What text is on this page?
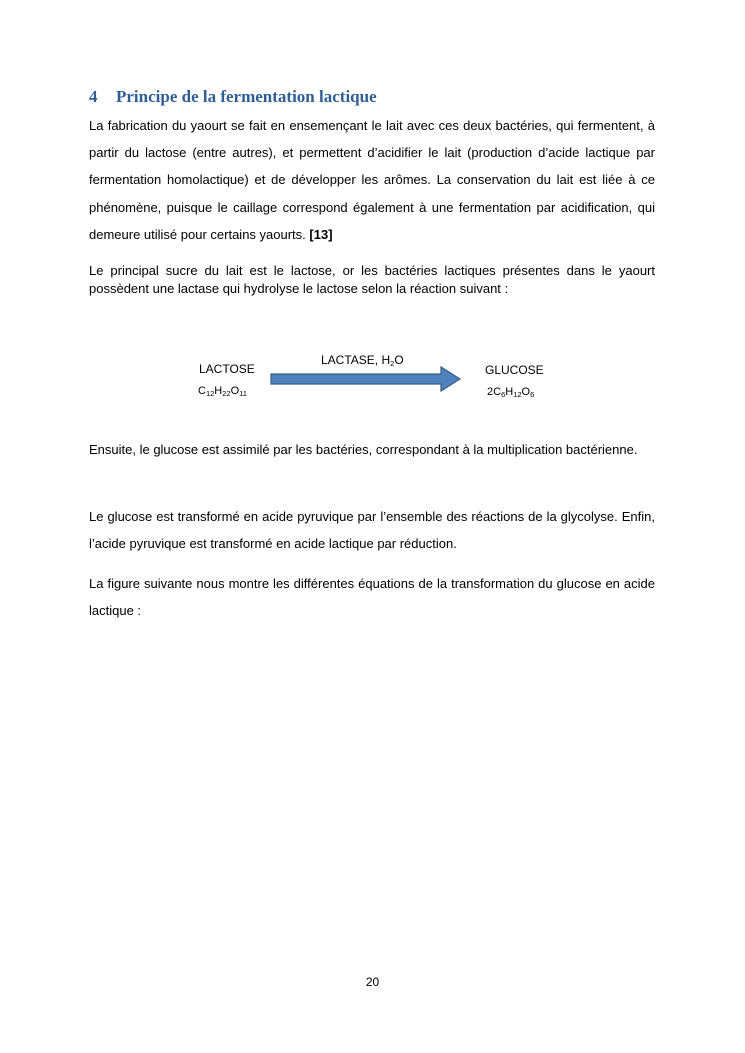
4 Principe de la fermentation lactique

La fabrication du yaourt se fait en ensemençant le lait avec ces deux bactéries, qui fermentent, à partir du lactose (entre autres), et permettent d’acidifier le lait (production d’acide lactique par fermentation homolactique) et de développer les arômes. La conservation du lait est liée à ce phénomène, puisque le caillage correspond également à une fermentation par acidification, qui demeure utilisé pour certains yaourts. [13]

Le principal sucre du lait est le lactose, or les bactéries lactiques présentes dans le yaourt possèdent une lactase qui hydrolyse le lactose selon la réaction suivant :

LACTOSE
$C_{12}H_{22}O_{11}$
LACTASE, $H_2O$
GLUCOSE
$2C_6H_{12}O_6$

Ensuite, le glucose est assimilé par les bactéries, correspondant à la multiplication bactérienne.

Le glucose est transformé en acide pyruvique par l’ensemble des réactions de la glycolyse. Enfin, l’acide pyruvique est transformé en acide lactique par réduction.

La figure suivante nous montre les différentes équations de la transformation du glucose en acide lactique :

20
